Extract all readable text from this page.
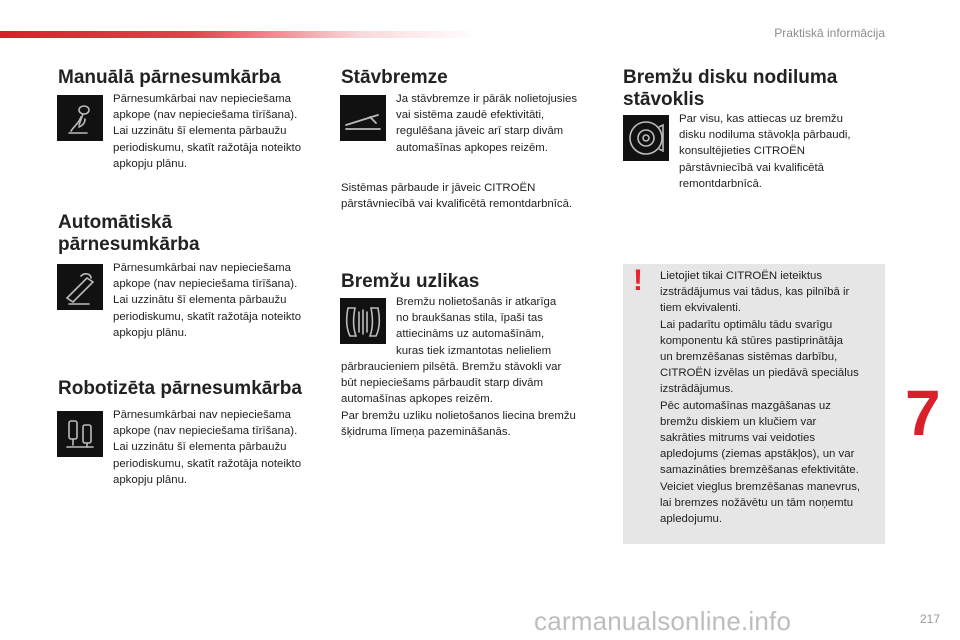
Praktiskā informācija
Manuālā pārnesumkārba
Pārnesumkārbai nav nepieciešama
apkope (nav nepieciešama tīrīšana).
Lai uzzinātu šī elementa pārbaužu
periodiskumu, skatīt ražotāja noteikto
apkopju plānu.
Automātiskā
pārnesumkārba
Pārnesumkārbai nav nepieciešama
apkope (nav nepieciešama tīrīšana).
Lai uzzinātu šī elementa pārbaužu
periodiskumu, skatīt ražotāja noteikto
apkopju plānu.
Robotizēta pārnesumkārba
Pārnesumkārbai nav nepieciešama
apkope (nav nepieciešama tīrīšana).
Lai uzzinātu šī elementa pārbaužu
periodiskumu, skatīt ražotāja noteikto
apkopju plānu.
Stāvbremze
Ja stāvbremze ir pārāk nolietojusies
vai sistēma zaudē efektivitāti,
regulēšana jāveic arī starp divām
automašīnas apkopes reizēm.
Sistēmas pārbaude ir jāveic CITROËN
pārstāvniecībā vai kvalificētā remontdarbnīcā.
Bremžu uzlikas
Bremžu nolietošanās ir atkarīga
no braukšanas stila, īpaši tas
attiecināms uz automašīnām,
kuras tiek izmantotas nelieliem
pārbraucieniem pilsētā. Bremžu stāvokli var
būt nepieciešams pārbaudīt starp divām
automašīnas apkopes reizēm.
Par bremžu uzliku nolietošanos liecina bremžu
šķidruma līmeņa pazemināšanās.
Bremžu disku nodiluma
stāvoklis
Par visu, kas attiecas uz bremžu
disku nodiluma stāvokļa pārbaudi,
konsultējieties CITROËN
pārstāvniecībā vai kvalificētā
remontdarbnīcā.
! Lietojiet tikai CITROËN ieteiktus
izstrādājumus vai tādus, kas pilnībā ir
tiem ekvivalenti.
Lai padarītu optimālu tādu svarīgu
komponentu kā stūres pastiprinātāja
un bremzēšanas sistēmas darbību,
CITROËN izvēlas un piedāvā speciālus
izstrādājumus.
Pēc automašīnas mazgāšanas uz
bremžu diskiem un klučiem var
sakrāties mitrums vai veidoties
apledojums (ziemas apstākļos), un var
samazināties bremzēšanas efektivitāte.
Veiciet vieglus bremzēšanas manevrus,
lai bremzes nožāvētu un tām noņemtu
apledojumu.
7
carmanualsonline.info	217
